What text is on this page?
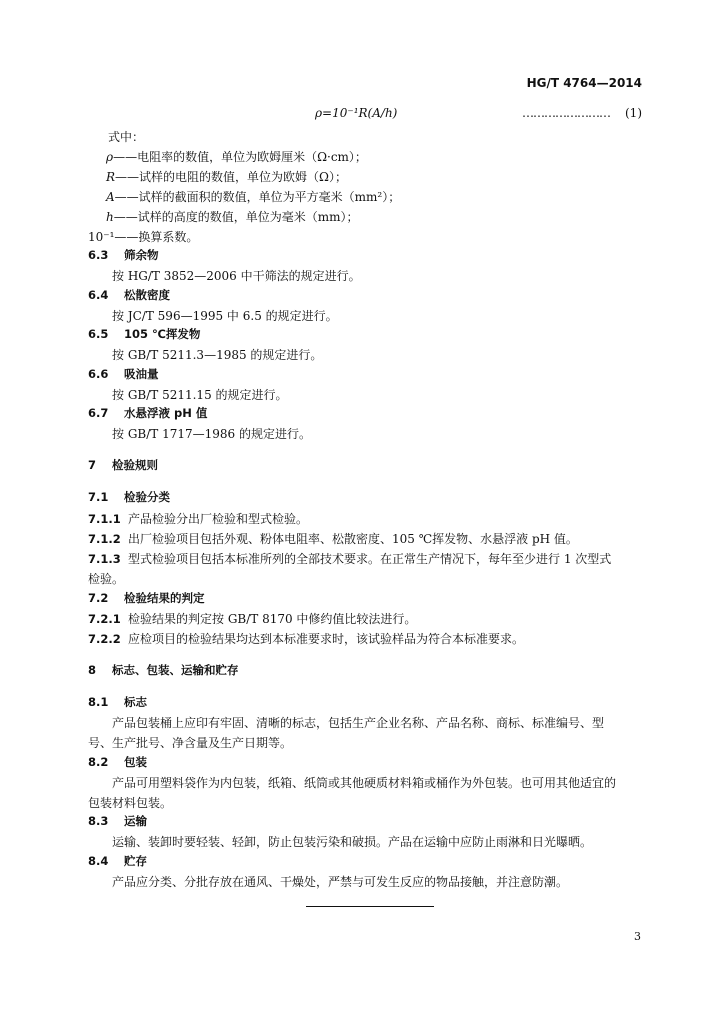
HG/T 4764—2014
ρ=10⁻¹R(A/h)	…………………… (1)
式中：
ρ——电阻率的数值，单位为欧姆厘米（Ω·cm）；
R——试样的电阻的数值，单位为欧姆（Ω）；
A——试样的截面积的数值，单位为平方毫米（mm²）；
h——试样的高度的数值，单位为毫米（mm）；
10⁻¹——换算系数。
6.3 筛余物
按 HG/T 3852—2006 中干筛法的规定进行。
6.4 松散密度
按 JC/T 596—1995 中 6.5 的规定进行。
6.5 105 ℃挥发物
按 GB/T 5211.3—1985 的规定进行。
6.6 吸油量
按 GB/T 5211.15 的规定进行。
6.7 水悬浮液 pH 值
按 GB/T 1717—1986 的规定进行。
7 检验规则
7.1 检验分类
7.1.1 产品检验分出厂检验和型式检验。
7.1.2 出厂检验项目包括外观、粉体电阻率、松散密度、105 ℃挥发物、水悬浮液 pH 值。
7.1.3 型式检验项目包括本标准所列的全部技术要求。在正常生产情况下，每年至少进行 1 次型式
检验。
7.2 检验结果的判定
7.2.1 检验结果的判定按 GB/T 8170 中修约值比较法进行。
7.2.2 应检项目的检验结果均达到本标准要求时，该试验样品为符合本标准要求。
8 标志、包装、运输和贮存
8.1 标志
产品包装桶上应印有牢固、清晰的标志，包括生产企业名称、产品名称、商标、标准编号、型
号、生产批号、净含量及生产日期等。
8.2 包装
产品可用塑料袋作为内包装，纸箱、纸筒或其他硬质材料箱或桶作为外包装。也可用其他适宜的
包装材料包装。
8.3 运输
运输、装卸时要轻装、轻卸，防止包装污染和破损。产品在运输中应防止雨淋和日光曝晒。
8.4 贮存
产品应分类、分批存放在通风、干燥处，严禁与可发生反应的物品接触，并注意防潮。
3
